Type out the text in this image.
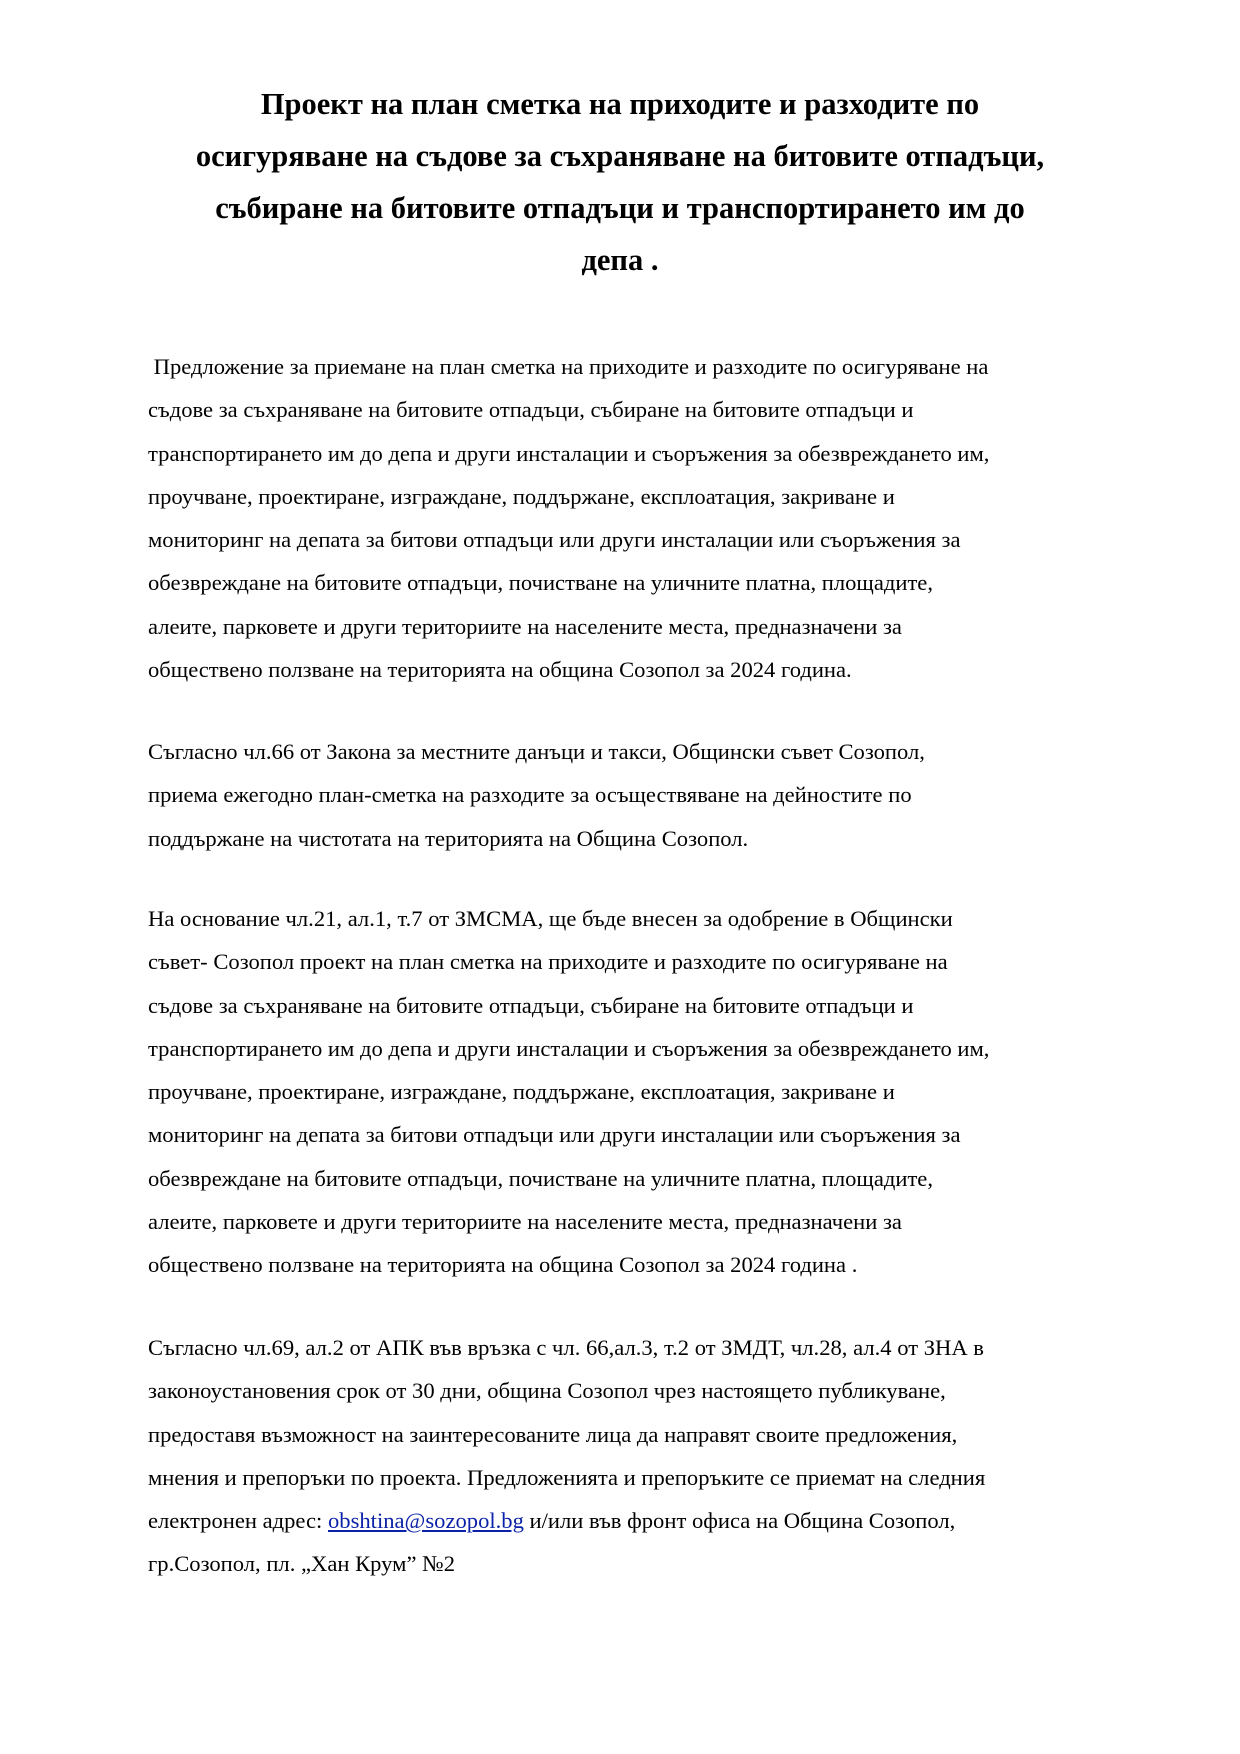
Проект на план сметка на приходите и разходите по
осигуряване на съдове за съхраняване на битовите отпадъци,
събиране на битовите отпадъци и транспортирането им до
депа .

Предложение за приемане на план сметка на приходите и разходите по осигуряване на
съдове за съхраняване на битовите отпадъци, събиране на битовите отпадъци и
транспортирането им до депа и други инсталации и съоръжения за обезвреждането им,
проучване, проектиране, изграждане, поддържане, експлоатация, закриване и
мониторинг на депата за битови отпадъци или други инсталации или съоръжения за
обезвреждане на битовите отпадъци, почистване на уличните платна, площадите,
алеите, парковете и други териториите на населените места, предназначени за
обществено ползване на територията на община Созопол за 2024 година.

Съгласно чл.66 от Закона за местните данъци и такси, Общински съвет Созопол,
приема ежегодно план-сметка на разходите за осъществяване на дейностите по
поддържане на чистотата на територията на Община Созопол.

На основание чл.21, ал.1, т.7 от ЗМСМА, ще бъде внесен за одобрение в Общински
съвет- Созопол проект на план сметка на приходите и разходите по осигуряване на
съдове за съхраняване на битовите отпадъци, събиране на битовите отпадъци и
транспортирането им до депа и други инсталации и съоръжения за обезвреждането им,
проучване, проектиране, изграждане, поддържане, експлоатация, закриване и
мониторинг на депата за битови отпадъци или други инсталации или съоръжения за
обезвреждане на битовите отпадъци, почистване на уличните платна, площадите,
алеите, парковете и други териториите на населените места, предназначени за
обществено ползване на територията на община Созопол за 2024 година .

Съгласно чл.69, ал.2 от АПК във връзка с чл. 66,ал.3, т.2 от ЗМДТ, чл.28, ал.4 от ЗНА в
законоустановения срок от 30 дни, община Созопол чрез настоящето публикуване,
предоставя възможност на заинтересованите лица да направят своите предложения,
мнения и препоръки по проекта. Предложенията и препоръките се приемат на следния
електронен адрес: obshtina@sozopol.bg и/или във фронт офиса на Община Созопол,
гр.Созопол, пл. „Хан Крум” №2
